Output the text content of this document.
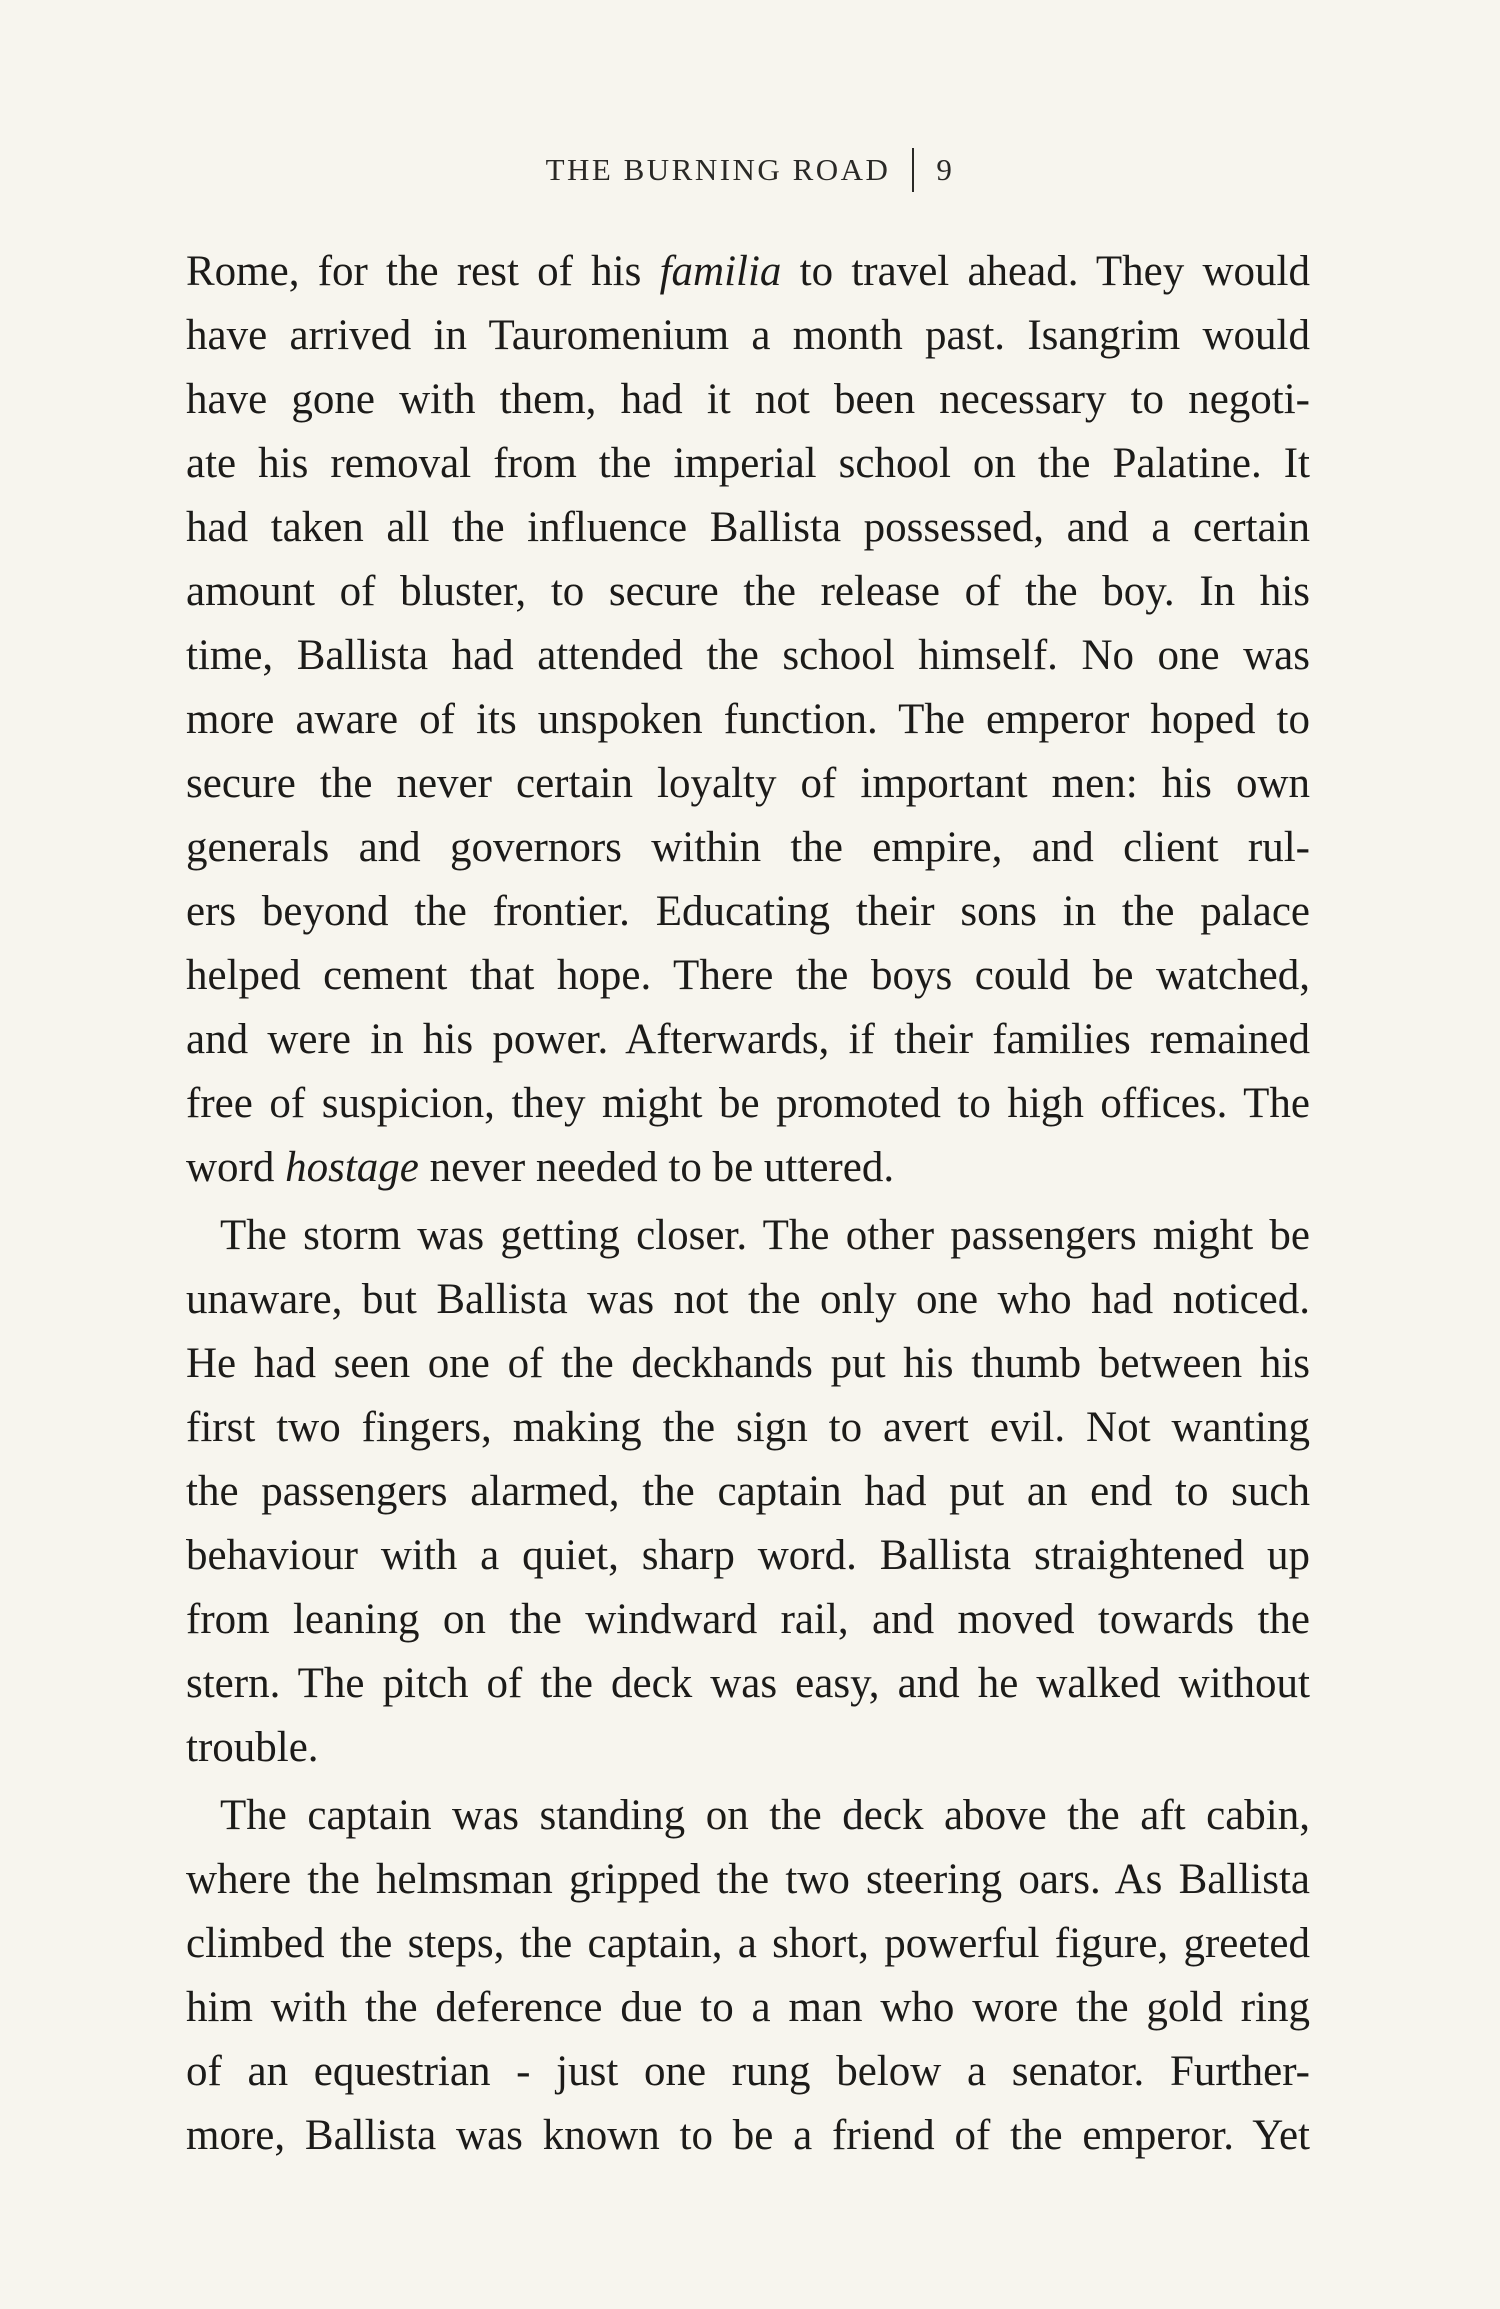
THE BURNING ROAD 9
Rome, for the rest of his familia to travel ahead. They would
have arrived in Tauromenium a month past. Isangrim would
have gone with them, had it not been necessary to negoti-
ate his removal from the imperial school on the Palatine. It
had taken all the influence Ballista possessed, and a certain
amount of bluster, to secure the release of the boy. In his
time, Ballista had attended the school himself. No one was
more aware of its unspoken function. The emperor hoped to
secure the never certain loyalty of important men: his own
generals and governors within the empire, and client rul-
ers beyond the frontier. Educating their sons in the palace
helped cement that hope. There the boys could be watched,
and were in his power. Afterwards, if their families remained
free of suspicion, they might be promoted to high offices. The
word hostage never needed to be uttered.
The storm was getting closer. The other passengers might be
unaware, but Ballista was not the only one who had noticed.
He had seen one of the deckhands put his thumb between his
first two fingers, making the sign to avert evil. Not wanting
the passengers alarmed, the captain had put an end to such
behaviour with a quiet, sharp word. Ballista straightened up
from leaning on the windward rail, and moved towards the
stern. The pitch of the deck was easy, and he walked without
trouble.
The captain was standing on the deck above the aft cabin,
where the helmsman gripped the two steering oars. As Ballista
climbed the steps, the captain, a short, powerful figure, greeted
him with the deference due to a man who wore the gold ring
of an equestrian - just one rung below a senator. Further-
more, Ballista was known to be a friend of the emperor. Yet
